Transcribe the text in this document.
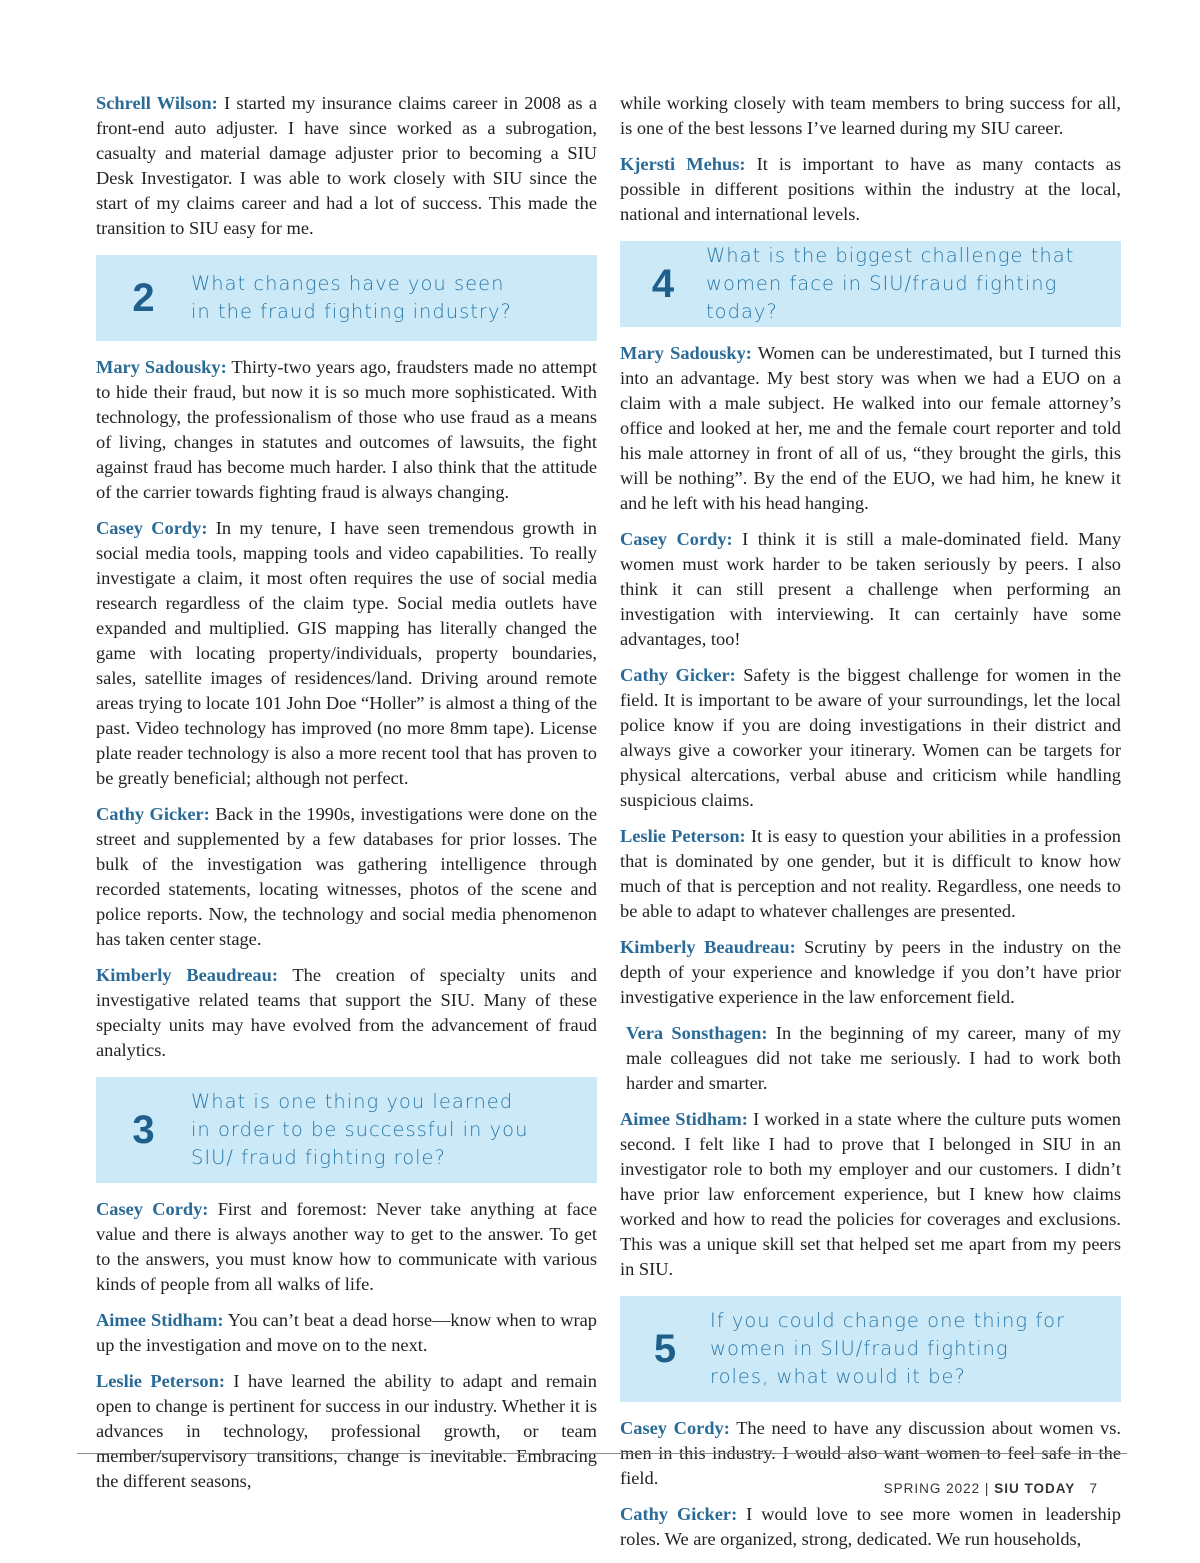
Schrell Wilson: I started my insurance claims career in 2008 as a front-end auto adjuster. I have since worked as a subrogation, casualty and material damage adjuster prior to becoming a SIU Desk Investigator. I was able to work closely with SIU since the start of my claims career and had a lot of success. This made the transition to SIU easy for me.

2	What changes have you seen in the fraud fighting industry?

Mary Sadousky: Thirty-two years ago, fraudsters made no attempt to hide their fraud, but now it is so much more sophisticated. With technology, the professionalism of those who use fraud as a means of living, changes in statutes and outcomes of lawsuits, the fight against fraud has become much harder. I also think that the attitude of the carrier towards fighting fraud is always changing.

Casey Cordy: In my tenure, I have seen tremendous growth in social media tools, mapping tools and video capabilities. To really investigate a claim, it most often requires the use of social media research regardless of the claim type. Social media outlets have expanded and multiplied. GIS mapping has literally changed the game with locating property/individuals, property boundaries, sales, satellite images of residences/land. Driving around remote areas trying to locate 101 John Doe “Holler” is almost a thing of the past. Video technology has improved (no more 8mm tape). License plate reader technology is also a more recent tool that has proven to be greatly beneficial; although not perfect.

Cathy Gicker: Back in the 1990s, investigations were done on the street and supplemented by a few databases for prior losses. The bulk of the investigation was gathering intelligence through recorded statements, locating witnesses, photos of the scene and police reports. Now, the technology and social media phenomenon has taken center stage.

Kimberly Beaudreau: The creation of specialty units and investigative related teams that support the SIU. Many of these specialty units may have evolved from the advancement of fraud analytics.

3
What is one thing you learned in order to be successful in you SIU/ fraud fighting role?

Casey Cordy: First and foremost: Never take anything at face value and there is always another way to get to the answer. To get to the answers, you must know how to communicate with various kinds of people from all walks of life.

Aimee Stidham: You can’t beat a dead horse—know when to wrap up the investigation and move on to the next.

Leslie Peterson: I have learned the ability to adapt and remain open to change is pertinent for success in our industry. Whether it is advances in technology, professional growth, or team member/supervisory transitions, change is inevitable. Embracing the different seasons,

while working closely with team members to bring success for all, is one of the best lessons I’ve learned during my SIU career.

Kjersti Mehus: It is important to have as many contacts as possible in different positions within the industry at the local, national and international levels.

4
What is the biggest challenge that women face in SIU/fraud fighting today?

Mary Sadousky: Women can be underestimated, but I turned this into an advantage. My best story was when we had a EUO on a claim with a male subject. He walked into our female attorney’s office and looked at her, me and the female court reporter and told his male attorney in front of all of us, “they brought the girls, this will be nothing”. By the end of the EUO, we had him, he knew it and he left with his head hanging.

Casey Cordy: I think it is still a male-dominated field. Many women must work harder to be taken seriously by peers. I also think it can still present a challenge when performing an investigation with interviewing. It can certainly have some advantages, too!

Cathy Gicker: Safety is the biggest challenge for women in the field. It is important to be aware of your surroundings, let the local police know if you are doing investigations in their district and always give a coworker your itinerary. Women can be targets for physical altercations, verbal abuse and criticism while handling suspicious claims.

Leslie Peterson: It is easy to question your abilities in a profession that is dominated by one gender, but it is difficult to know how much of that is perception and not reality. Regardless, one needs to be able to adapt to whatever challenges are presented.

Kimberly Beaudreau: Scrutiny by peers in the industry on the depth of your experience and knowledge if you don’t have prior investigative experience in the law enforcement field.

Vera Sonsthagen: In the beginning of my career, many of my male colleagues did not take me seriously. I had to work both harder and smarter.

Aimee Stidham: I worked in a state where the culture puts women second. I felt like I had to prove that I belonged in SIU in an investigator role to both my employer and our customers. I didn’t have prior law enforcement experience, but I knew how claims worked and how to read the policies for coverages and exclusions. This was a unique skill set that helped set me apart from my peers in SIU.

5
If you could change one thing for women in SIU/fraud fighting roles, what would it be?

Casey Cordy: The need to have any discussion about women vs. men in this industry. I would also want women to feel safe in the field.

Cathy Gicker: I would love to see more women in leadership roles. We are organized, strong, dedicated. We run households,

SPRING 2022 | SIU TODAY 7
